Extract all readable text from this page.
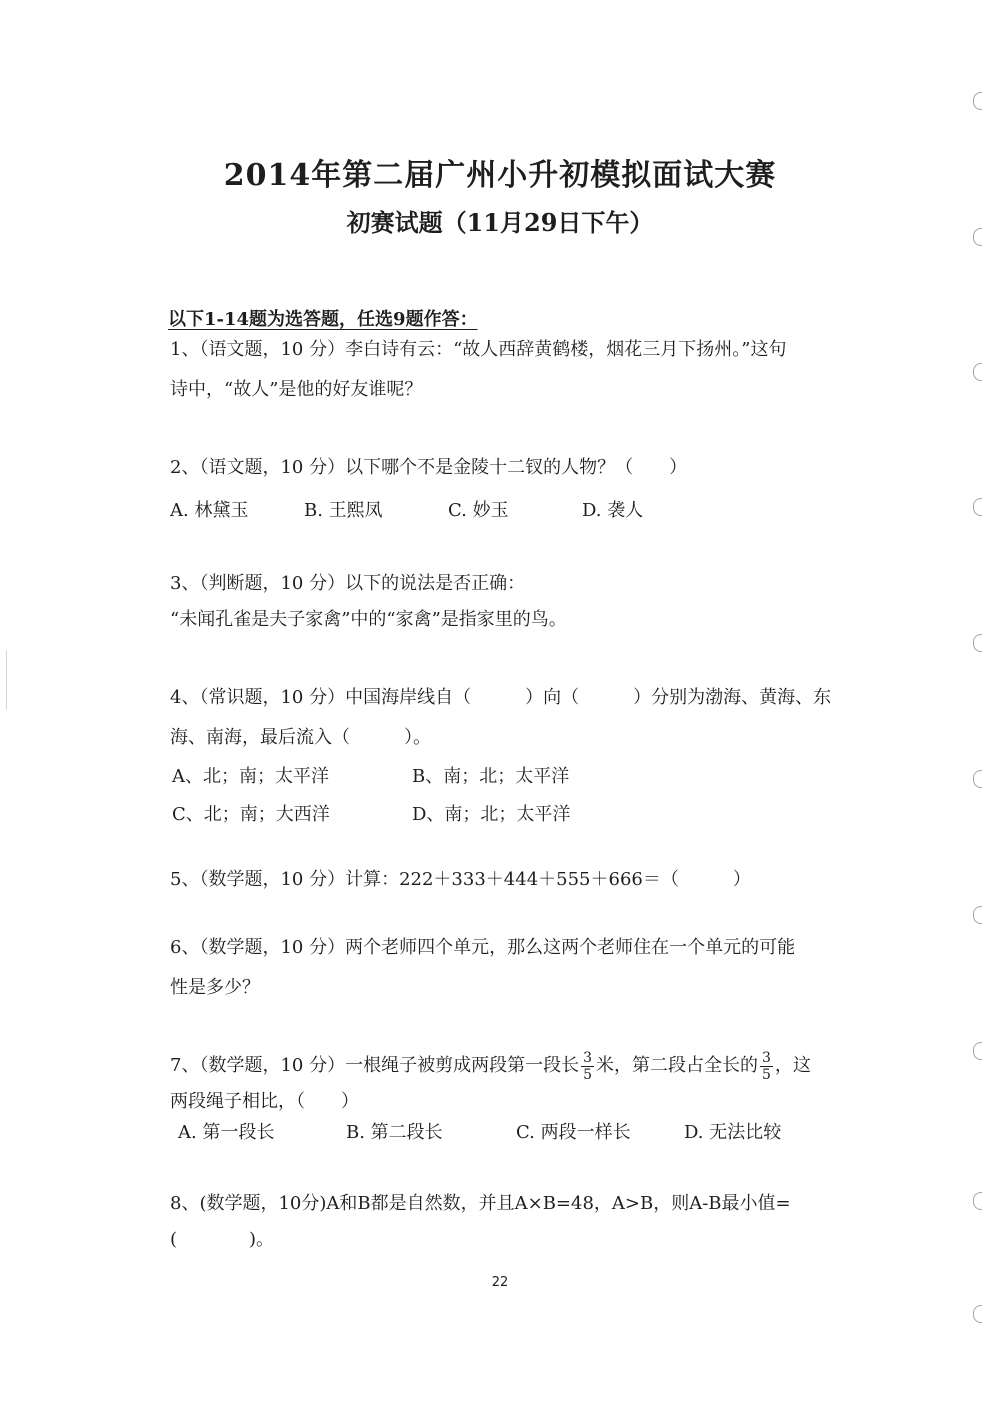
2014年第二届广州小升初模拟面试大赛
初赛试题（11月29日下午）
以下1-14题为选答题，任选9题作答：

1、（语文题，10 分）李白诗有云：“故人西辞黄鹤楼，烟花三月下扬州。”这句

诗中，“故人”是他的好友谁呢？

2、（语文题，10 分）以下哪个不是金陵十二钗的人物？（　　）

A. 林黛玉	B. 王熙凤	C. 妙玉	D. 袭人

3、（判断题，10 分）以下的说法是否正确：

“未闻孔雀是夫子家禽”中的“家禽”是指家里的鸟。

4、（常识题，10 分）中国海岸线自（　　　）向（　　　）分别为渤海、黄海、东

海、南海，最后流入（　　　）。

A、北；南；太平洋	B、南；北；太平洋
C、北；南；大西洋	D、南；北；太平洋

5、（数学题，10 分）计算：222＋333＋444＋555＋666＝（　　　）

6、（数学题，10 分）两个老师四个单元，那么这两个老师住在一个单元的可能

性是多少？

7、（数学题，10 分）一根绳子被剪成两段第一段长 $\frac{3}{5}$ 米，第二段占全长的 $\frac{3}{5}$ ，这

两段绳子相比，（　　）

A. 第一段长	B. 第二段长	C. 两段一样长	D. 无法比较

8、(数学题，10分)A和B都是自然数，并且A×B=48，A>B，则A-B最小值=(　　　　)。

22
